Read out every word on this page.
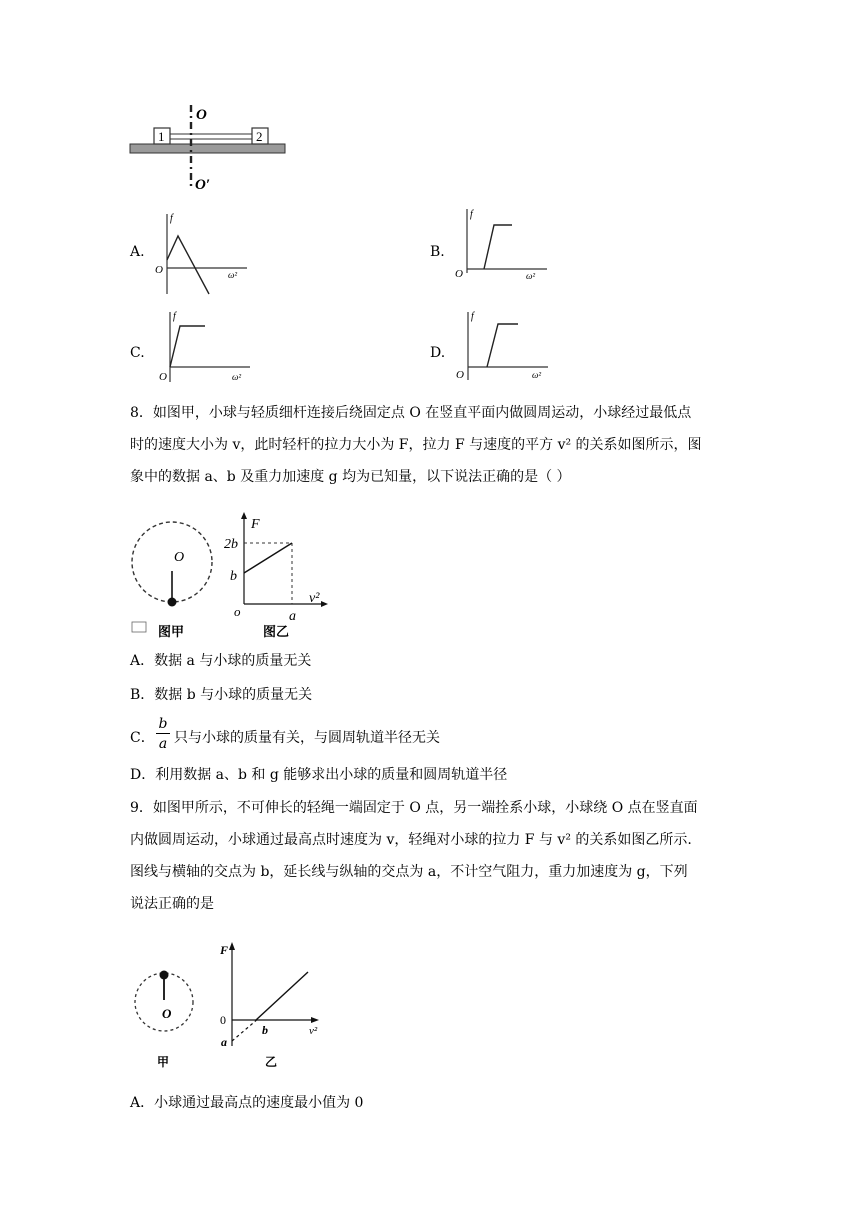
1	2
O
O′
A.
f
O	ω²
B.
f
O	ω²
C.
f
O	ω²
D.
f
O	ω²
8．如图甲，小球与轻质细杆连接后绕固定点 O 在竖直平面内做圆周运动，小球经过最低点
时的速度大小为 v，此时轻杆的拉力大小为 F，拉力 F 与速度的平方 v² 的关系如图所示，图
象中的数据 a、b 及重力加速度 g 均为已知量，以下说法正确的是（ ）
O
图甲
F
2b
b
o
v²
a
图乙
A．数据 a 与小球的质量无关
B．数据 b 与小球的质量无关
C．
b
a 只与小球的质量有关，与圆周轨道半径无关
D．利用数据 a、b 和 g 能够求出小球的质量和圆周轨道半径
9．如图甲所示，不可伸长的轻绳一端固定于 O 点，另一端拴系小球，小球绕 O 点在竖直面
内做圆周运动，小球通过最高点时速度为 v，轻绳对小球的拉力 F 与 v² 的关系如图乙所示.
图线与横轴的交点为 b，延长线与纵轴的交点为 a，不计空气阻力，重力加速度为 g，下列
说法正确的是
O
甲
F
0
b	v²
a
乙
A．小球通过最高点的速度最小值为 0
